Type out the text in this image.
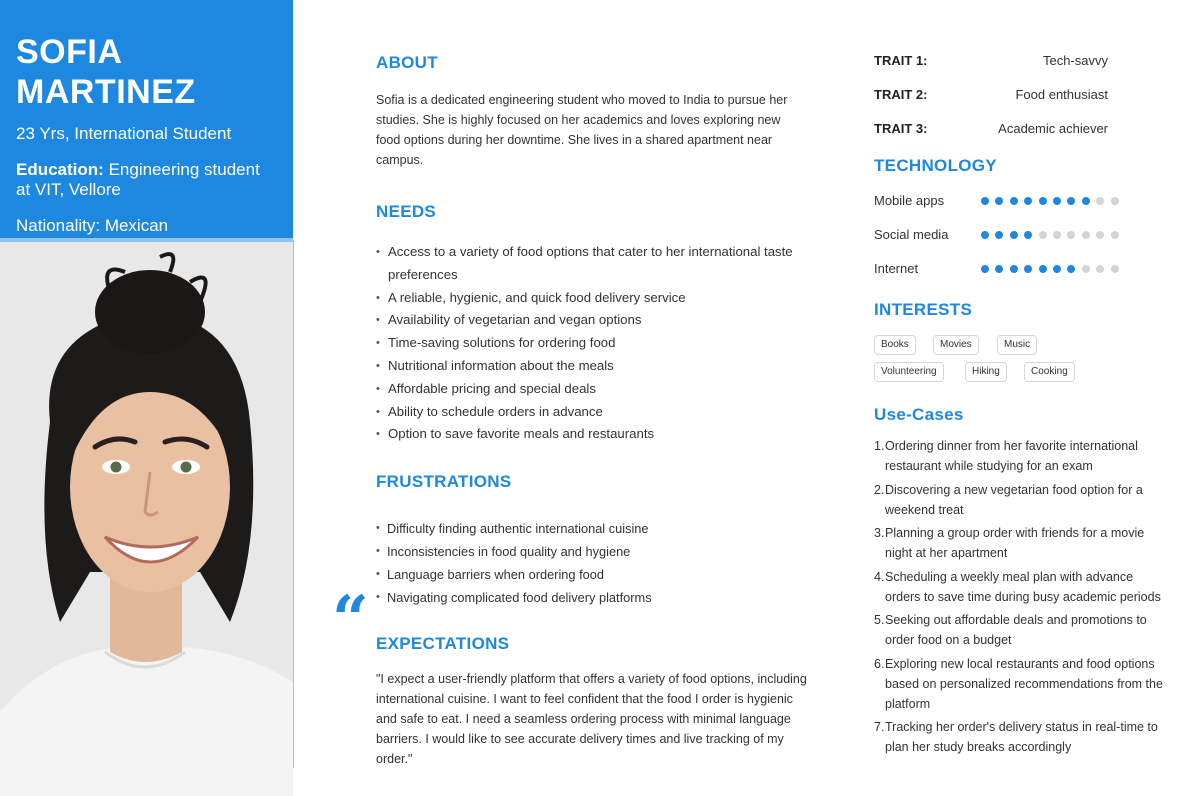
SOFIA MARTINEZ
23 Yrs, International Student
Education: Engineering student at VIT, Vellore
Nationality: Mexican
ABOUT
Sofia is a dedicated engineering student who moved to India to pursue her studies. She is highly focused on her academics and loves exploring new food options during her downtime. She lives in a shared apartment near campus.
NEEDS
• Access to a variety of food options that cater to her international taste preferences
• A reliable, hygienic, and quick food delivery service
• Availability of vegetarian and vegan options
• Time-saving solutions for ordering food
• Nutritional information about the meals
• Affordable pricing and special deals
• Ability to schedule orders in advance
• Option to save favorite meals and restaurants
FRUSTRATIONS
• Difficulty finding authentic international cuisine
• Inconsistencies in food quality and hygiene
• Language barriers when ordering food
• Navigating complicated food delivery platforms
EXPECTATIONS
"I expect a user-friendly platform that offers a variety of food options, including international cuisine. I want to feel confident that the food I order is hygienic and safe to eat. I need a seamless ordering process with minimal language barriers. I would like to see accurate delivery times and live tracking of my order."
“
TRAIT 1:	Tech-savvy
TRAIT 2:	Food enthusiast
TRAIT 3:	Academic achiever
TECHNOLOGY
Mobile apps
Social media
Internet
INTERESTS
Books	Movies	Music
Volunteering	Hiking	Cooking
Use-Cases
1. Ordering dinner from her favorite international restaurant while studying for an exam
2. Discovering a new vegetarian food option for a weekend treat
3. Planning a group order with friends for a movie night at her apartment
4. Scheduling a weekly meal plan with advance orders to save time during busy academic periods
5. Seeking out affordable deals and promotions to order food on a budget
6. Exploring new local restaurants and food options based on personalized recommendations from the platform
7. Tracking her order's delivery status in real-time to plan her study breaks accordingly
